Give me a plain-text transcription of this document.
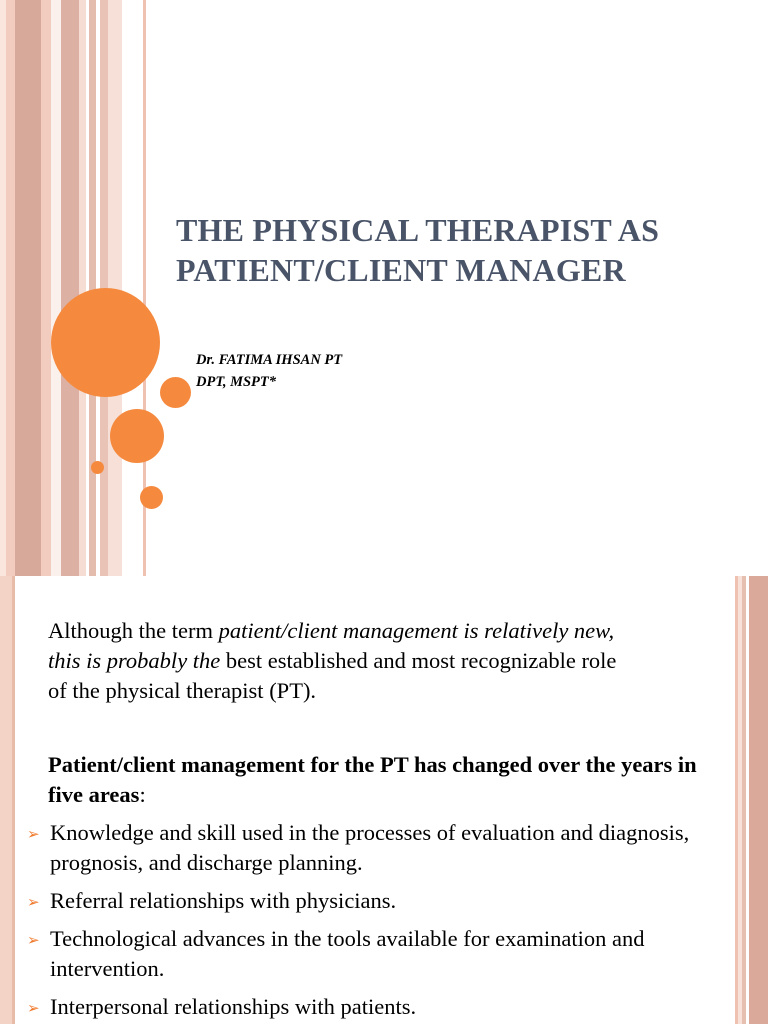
THE PHYSICAL THERAPIST AS
PATIENT/CLIENT MANAGER
Dr. FATIMA IHSAN PT
DPT, MSPT*

Although the term patient/client management is relatively new,
this is probably the best established and most recognizable role
of the physical therapist (PT).

Patient/client management for the PT has changed over the years in five areas:

➢ Knowledge and skill used in the processes of evaluation and diagnosis, prognosis, and discharge planning.
➢ Referral relationships with physicians.
➢ Technological advances in the tools available for examination and intervention.
➢ Interpersonal relationships with patients.
